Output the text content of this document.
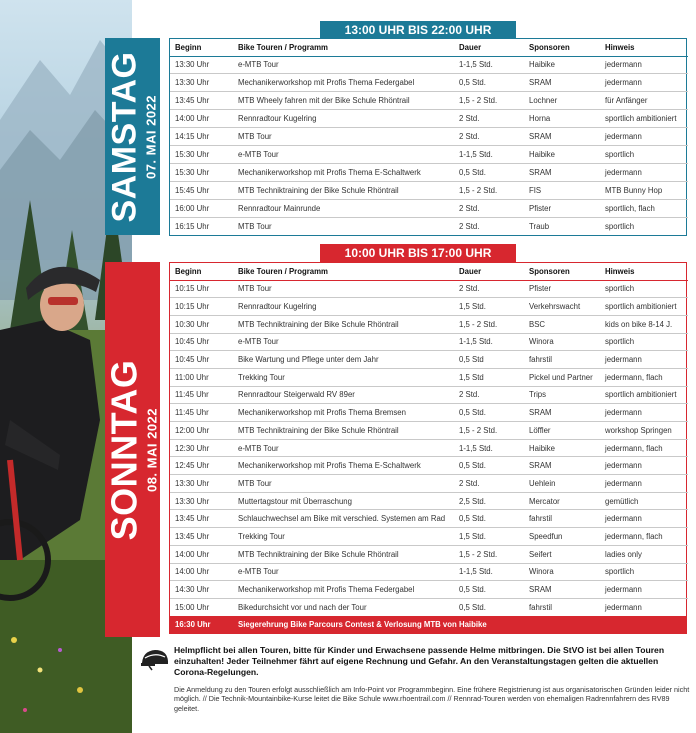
SAMSTAG 07. MAI 2022
13:00 UHR BIS 22:00 UHR
Beginn	Bike Touren / Programm	Dauer	Sponsoren	Hinweis
13:30 Uhr	e-MTB Tour	1-1,5 Std.	Haibike	jedermann
13:30 Uhr	Mechanikerworkshop mit Profis Thema Federgabel	0,5 Std.	SRAM	jedermann
13:45 Uhr	MTB Wheely fahren mit der Bike Schule Rhöntrail	1,5 - 2 Std.	Lochner	für Anfänger
14:00 Uhr	Rennradtour Kugelring	2 Std.	Horna	sportlich ambitioniert
14:15 Uhr	MTB Tour	2 Std.	SRAM	jedermann
15:30 Uhr	e-MTB Tour	1-1,5 Std.	Haibike	sportlich
15:30 Uhr	Mechanikerworkshop mit Profis Thema E-Schaltwerk	0,5 Std.	SRAM	jedermann
15:45 Uhr	MTB Techniktraining der Bike Schule Rhöntrail	1,5 - 2 Std.	FIS	MTB Bunny Hop
16:00 Uhr	Rennradtour Mainrunde	2 Std.	Pfister	sportlich, flach
16:15 Uhr	MTB Tour	2 Std.	Traub	sportlich
SONNTAG 08. MAI 2022
10:00 UHR BIS 17:00 UHR
Beginn	Bike Touren / Programm	Dauer	Sponsoren	Hinweis
10:15 Uhr	MTB Tour	2 Std.	Pfister	sportlich
10:15 Uhr	Rennradtour Kugelring	1,5 Std.	Verkehrswacht	sportlich ambitioniert
10:30 Uhr	MTB Techniktraining der Bike Schule Rhöntrail	1,5 - 2 Std.	BSC	kids on bike 8-14 J.
10:45 Uhr	e-MTB Tour	1-1,5 Std.	Winora	sportlich
10:45 Uhr	Bike Wartung und Pflege unter dem Jahr	0,5 Std	fahrstil	jedermann
11:00 Uhr	Trekking Tour	1,5 Std	Pickel und Partner	jedermann, flach
11:45 Uhr	Rennradtour Steigerwald RV 89er	2 Std.	Trips	sportlich ambitioniert
11:45 Uhr	Mechanikerworkshop mit Profis Thema Bremsen	0,5 Std.	SRAM	jedermann
12:00 Uhr	MTB Techniktraining der Bike Schule Rhöntrail	1,5 - 2 Std.	Löffler	workshop Springen
12:30 Uhr	e-MTB Tour	1-1,5 Std.	Haibike	jedermann, flach
12:45 Uhr	Mechanikerworkshop mit Profis Thema E-Schaltwerk	0,5 Std.	SRAM	jedermann
13:30 Uhr	MTB Tour	2 Std.	Uehlein	jedermann
13:30 Uhr	Muttertagstour mit Überraschung	2,5 Std.	Mercator	gemütlich
13:45 Uhr	Schlauchwechsel am Bike mit verschied. Systemen am Rad	0,5 Std.	fahrstil	jedermann
13:45 Uhr	Trekking Tour	1,5 Std.	Speedfun	jedermann, flach
14:00 Uhr	MTB Techniktraining der Bike Schule Rhöntrail	1,5 - 2 Std.	Seifert	ladies only
14:00 Uhr	e-MTB Tour	1-1,5 Std.	Winora	sportlich
14:30 Uhr	Mechanikerworkshop mit Profis Thema Federgabel	0,5 Std.	SRAM	jedermann
15:00 Uhr	Bikedurchsicht vor und nach der Tour	0,5 Std.	fahrstil	jedermann
16:30 Uhr	Siegerehrung Bike Parcours Contest & Verlosung MTB von Haibike

Helmpflicht bei allen Touren, bitte für Kinder und Erwachsene passende Helme mitbringen. Die StVO ist bei allen Touren einzuhalten! Jeder Teilnehmer fährt auf eigene Rechnung und Gefahr. An den Veranstaltungstagen gelten die aktuellen Corona-Regelungen.

Die Anmeldung zu den Touren erfolgt ausschließlich am Info-Point vor Programmbeginn. Eine frühere Registrierung ist aus organisatorischen Gründen leider nicht möglich. // Die Technik-Mountainbike-Kurse leitet die Bike Schule www.rhoentrail.com // Rennrad-Touren werden von ehemaligen Radrennfahrern des RV89 geleitet.
